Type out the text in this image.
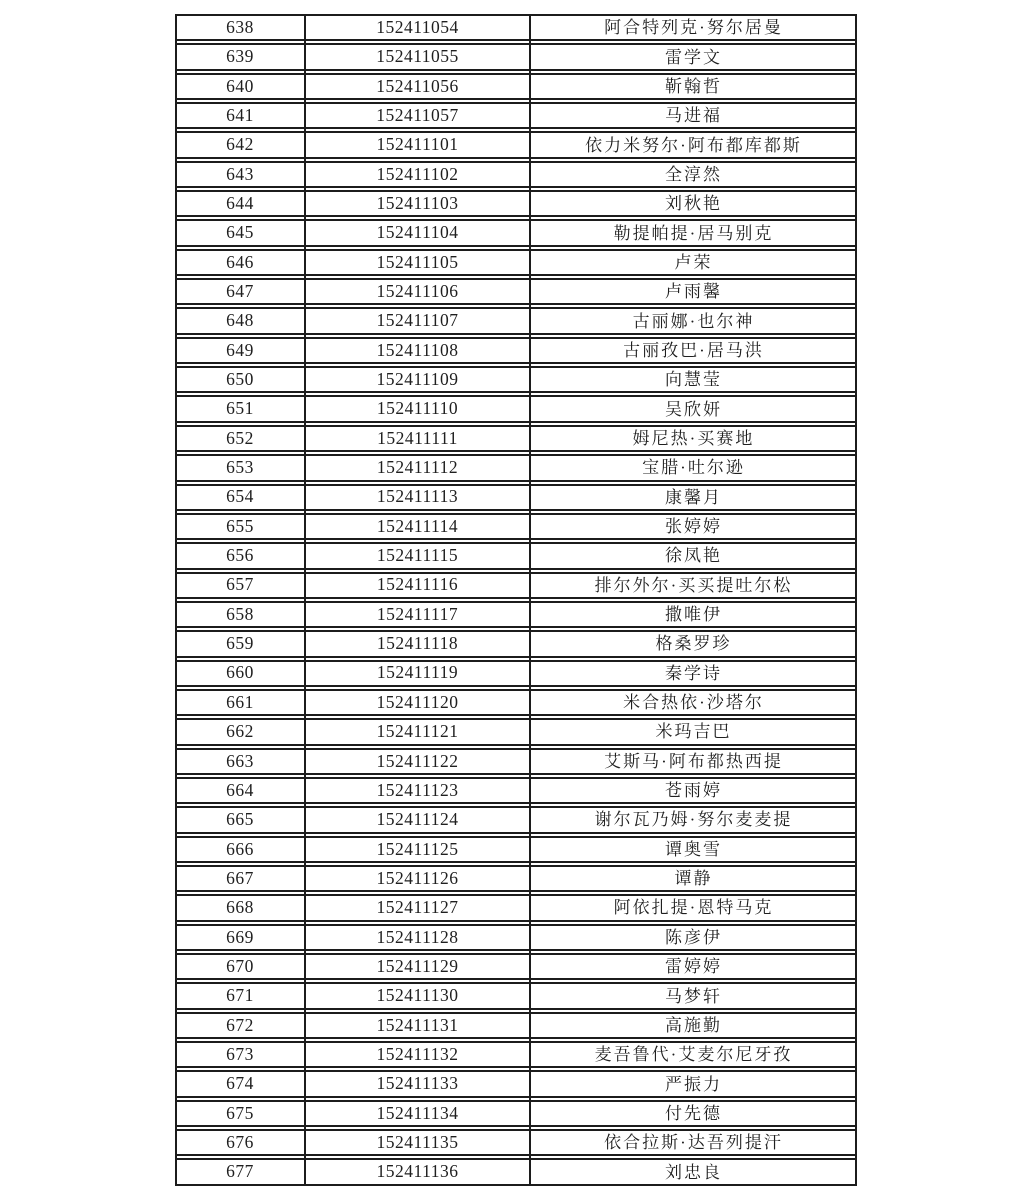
638	152411054	阿合特列克·努尔居曼
639	152411055	雷学文
640	152411056	靳翰哲
641	152411057	马进福
642	152411101	依力米努尔·阿布都库都斯
643	152411102	全淳然
644	152411103	刘秋艳
645	152411104	勒提帕提·居马别克
646	152411105	卢荣
647	152411106	卢雨馨
648	152411107	古丽娜·也尔神
649	152411108	古丽孜巴·居马洪
650	152411109	向慧莹
651	152411110	吴欣妍
652	152411111	姆尼热·买赛地
653	152411112	宝腊·吐尔逊
654	152411113	康馨月
655	152411114	张婷婷
656	152411115	徐凤艳
657	152411116	排尔外尔·买买提吐尔松
658	152411117	撒唯伊
659	152411118	格桑罗珍
660	152411119	秦学诗
661	152411120	米合热依·沙塔尔
662	152411121	米玛吉巴
663	152411122	艾斯马·阿布都热西提
664	152411123	苍雨婷
665	152411124	谢尔瓦乃姆·努尔麦麦提
666	152411125	谭奥雪
667	152411126	谭静
668	152411127	阿依扎提·恩特马克
669	152411128	陈彦伊
670	152411129	雷婷婷
671	152411130	马梦轩
672	152411131	高施勤
673	152411132	麦吾鲁代·艾麦尔尼牙孜
674	152411133	严振力
675	152411134	付先德
676	152411135	依合拉斯·达吾列提汗
677	152411136	刘忠良
